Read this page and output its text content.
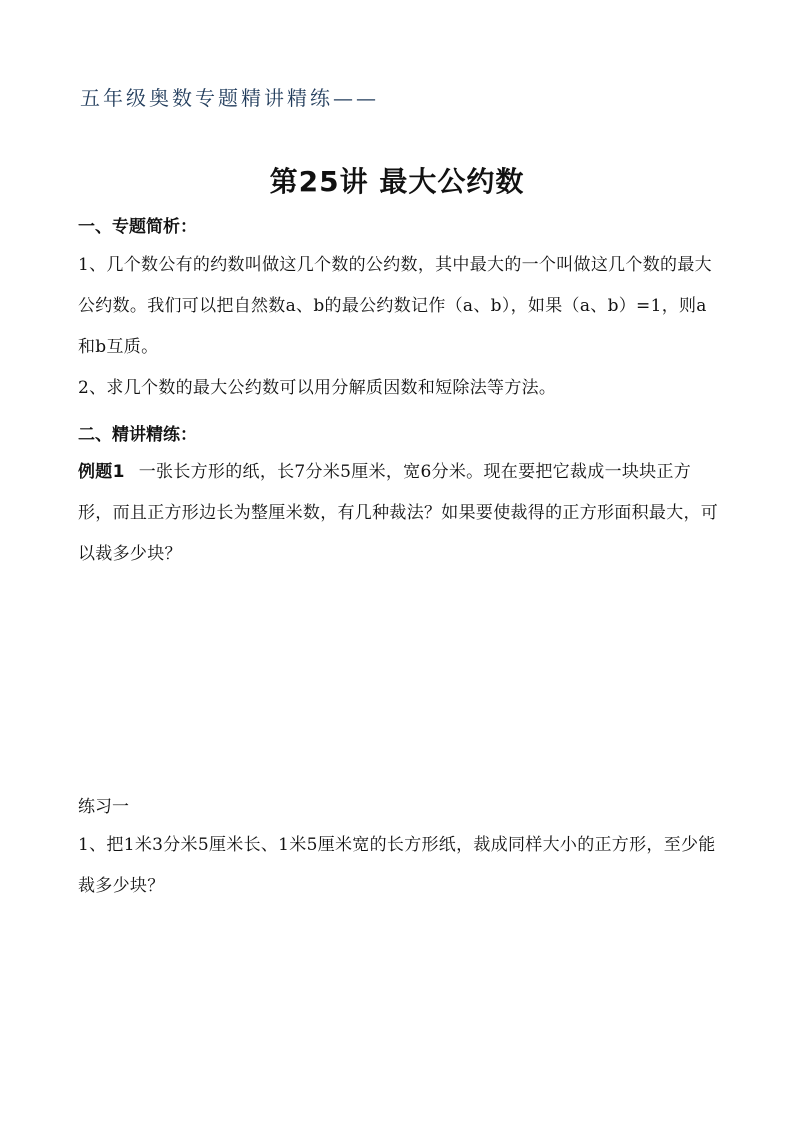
五年级奥数专题精讲精练——
第25讲 最大公约数
一、专题简析：
1、几个数公有的约数叫做这几个数的公约数，其中最大的一个叫做这几个数的最大公约数。我们可以把自然数a、b的最公约数记作（a、b），如果（a、b）=1，则a和b互质。
2、求几个数的最大公约数可以用分解质因数和短除法等方法。
二、精讲精练：
例题1 一张长方形的纸，长7分米5厘米，宽6分米。现在要把它裁成一块块正方形，而且正方形边长为整厘米数，有几种裁法？如果要使裁得的正方形面积最大，可以裁多少块？
练习一
1、把1米3分米5厘米长、1米5厘米宽的长方形纸，裁成同样大小的正方形，至少能裁多少块？
